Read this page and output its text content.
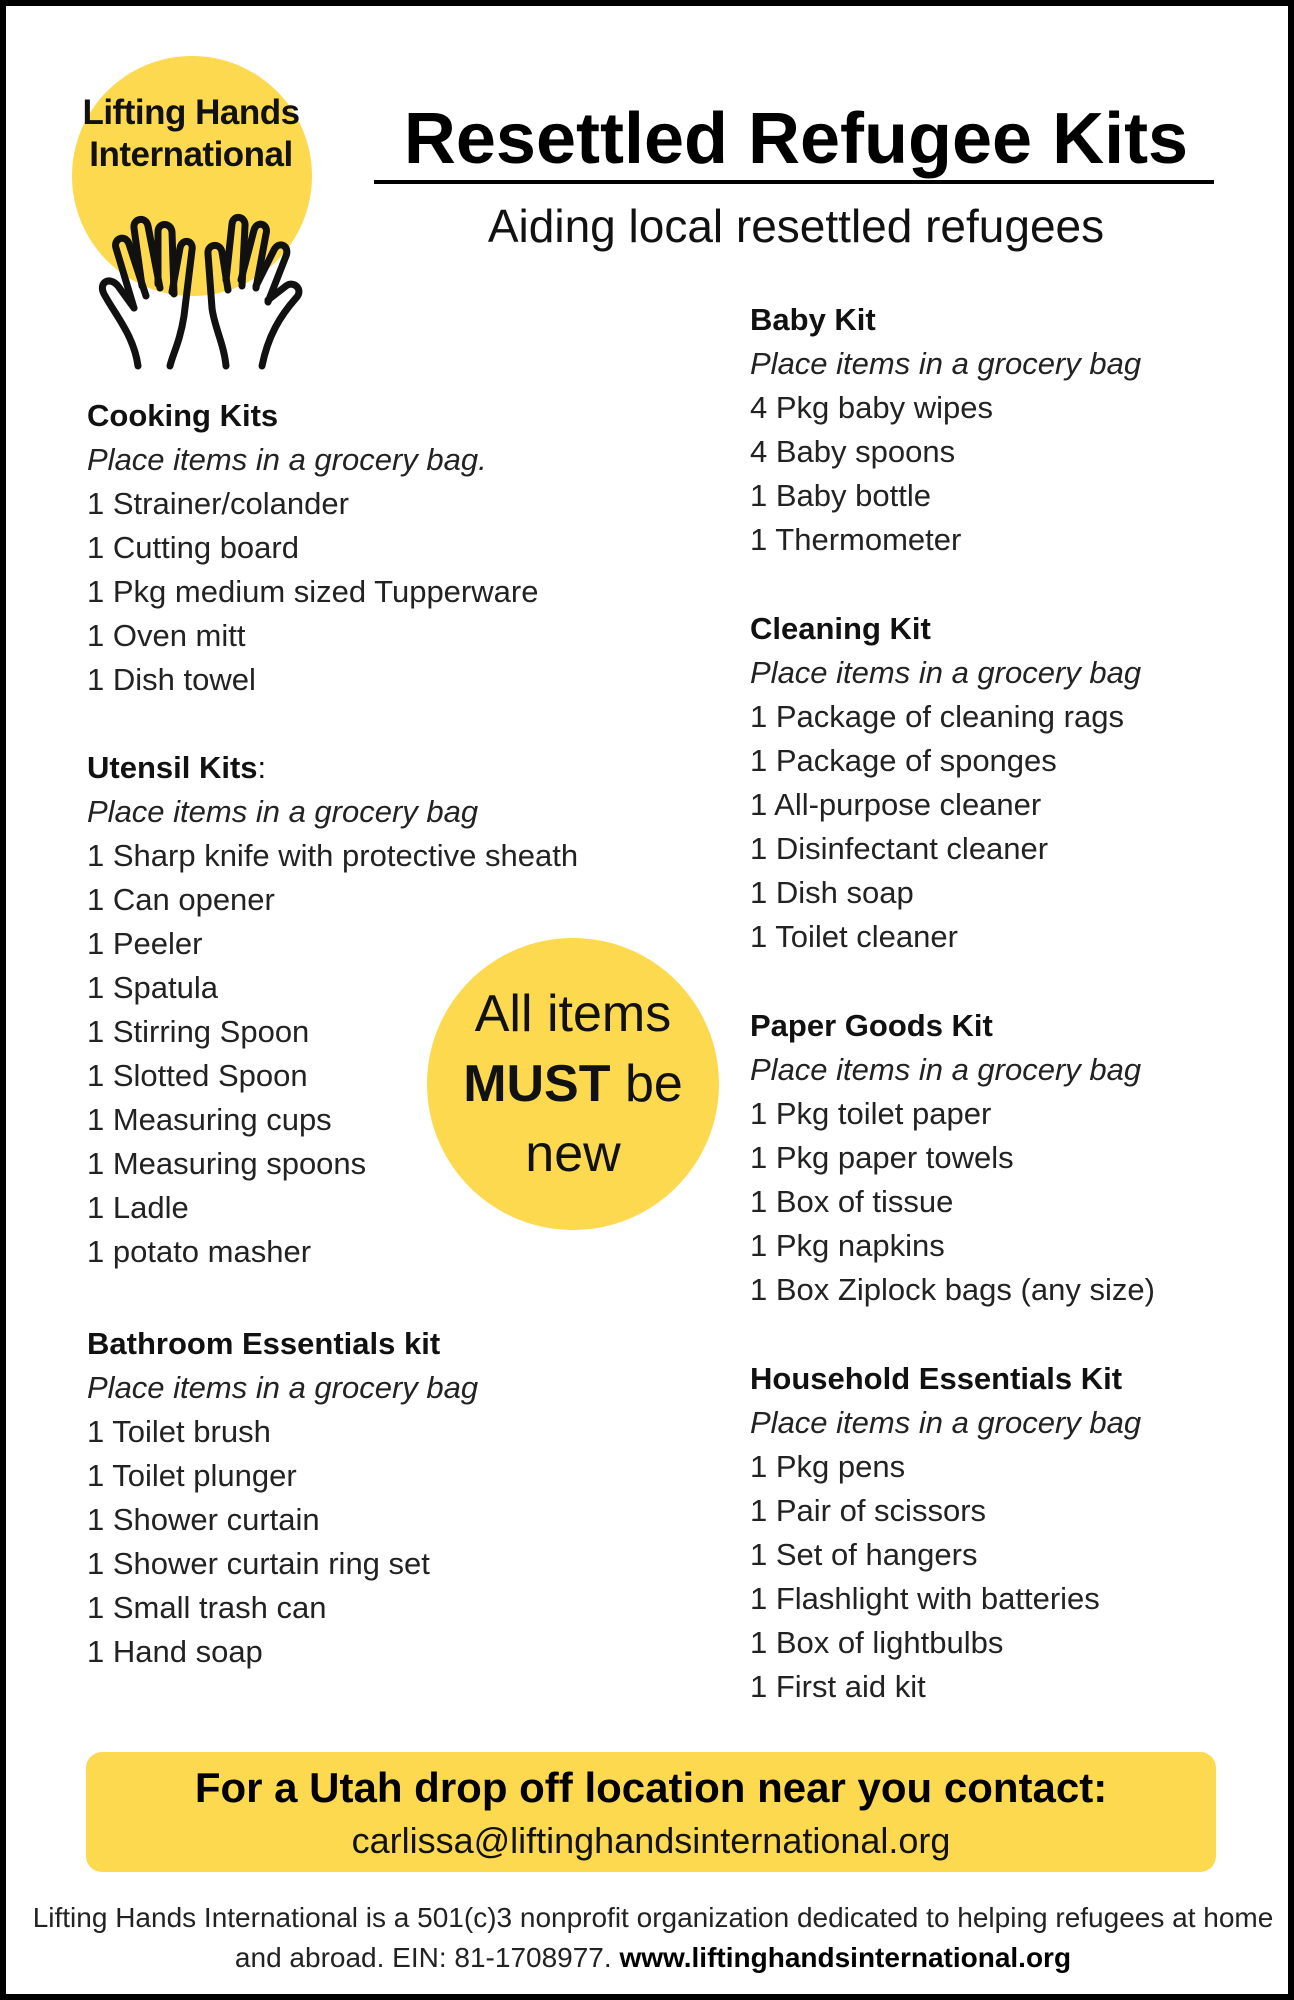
Lifting Hands
International	Resettled Refugee Kits
Aiding local resettled refugees
Cooking Kits
Place items in a grocery bag.
1 Strainer/colander
1 Cutting board
1 Pkg medium sized Tupperware
1 Oven mitt
1 Dish towel
Utensil Kits:
Place items in a grocery bag
1 Sharp knife with protective sheath
1 Can opener
1 Peeler
1 Spatula
1 Stirring Spoon
1 Slotted Spoon
1 Measuring cups
1 Measuring spoons
1 Ladle
1 potato masher
Bathroom Essentials kit
Place items in a grocery bag
1 Toilet brush
1 Toilet plunger
1 Shower curtain
1 Shower curtain ring set
1 Small trash can
1 Hand soap
Baby Kit
Place items in a grocery bag
4 Pkg baby wipes
4 Baby spoons
1 Baby bottle
1 Thermometer
Cleaning Kit
Place items in a grocery bag
1 Package of cleaning rags
1 Package of sponges
1 All-purpose cleaner
1 Disinfectant cleaner
1 Dish soap
1 Toilet cleaner
Paper Goods Kit
Place items in a grocery bag
1 Pkg toilet paper
1 Pkg paper towels
1 Box of tissue
1 Pkg napkins
1 Box Ziplock bags (any size)
Household Essentials Kit
Place items in a grocery bag
1 Pkg pens
1 Pair of scissors
1 Set of hangers
1 Flashlight with batteries
1 Box of lightbulbs
1 First aid kit
All items
MUST be
new
For a Utah drop off location near you contact:
carlissa@liftinghandsinternational.org
Lifting Hands International is a 501(c)3 nonprofit organization dedicated to helping refugees at home and abroad. EIN: 81-1708977. www.liftinghandsinternational.org
